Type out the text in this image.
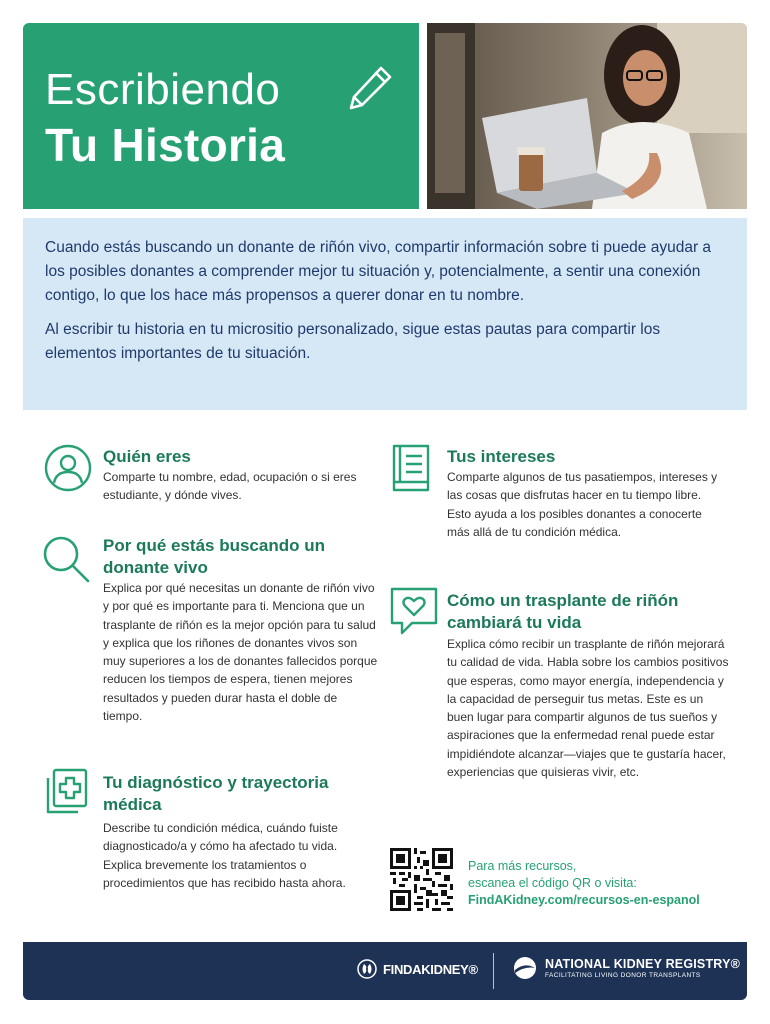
Escribiendo
Tu Historia

Cuando estás buscando un donante de riñón vivo, compartir información sobre ti puede ayudar a los posibles donantes a comprender mejor tu situación y, potencialmente, a sentir una conexión contigo, lo que los hace más propensos a querer donar en tu nombre.

Al escribir tu historia en tu micrositio personalizado, sigue estas pautas para compartir los elementos importantes de tu situación.

Quién eres
Comparte tu nombre, edad, ocupación o si eres estudiante, y dónde vives.
Por qué estás buscando un donante vivo
Explica por qué necesitas un donante de riñón vivo y por qué es importante para ti. Menciona que un trasplante de riñón es la mejor opción para tu salud y explica que los riñones de donantes vivos son muy superiores a los de donantes fallecidos porque reducen los tiempos de espera, tienen mejores resultados y pueden durar hasta el doble de tiempo.
Tu diagnóstico y trayectoria médica
Describe tu condición médica, cuándo fuiste diagnosticado/a y cómo ha afectado tu vida. Explica brevemente los tratamientos o procedimientos que has recibido hasta ahora.
Tus intereses
Comparte algunos de tus pasatiempos, intereses y las cosas que disfrutas hacer en tu tiempo libre. Esto ayuda a los posibles donantes a conocerte más allá de tu condición médica.
Cómo un trasplante de riñón cambiará tu vida
Explica cómo recibir un trasplante de riñón mejorará tu calidad de vida. Habla sobre los cambios positivos que esperas, como mayor energía, independencia y la capacidad de perseguir tus metas. Este es un buen lugar para compartir algunos de tus sueños y aspiraciones que la enfermedad renal puede estar impidiéndote alcanzar—viajes que te gustaría hacer, experiencias que quisieras vivir, etc.
Para más recursos,
escanea el código QR o visita:
FindAKidney.com/recursos-en-espanol
FINDAKIDNEY®	NATIONAL KIDNEY REGISTRY®
FACILITATING LIVING DONOR TRANSPLANTS
